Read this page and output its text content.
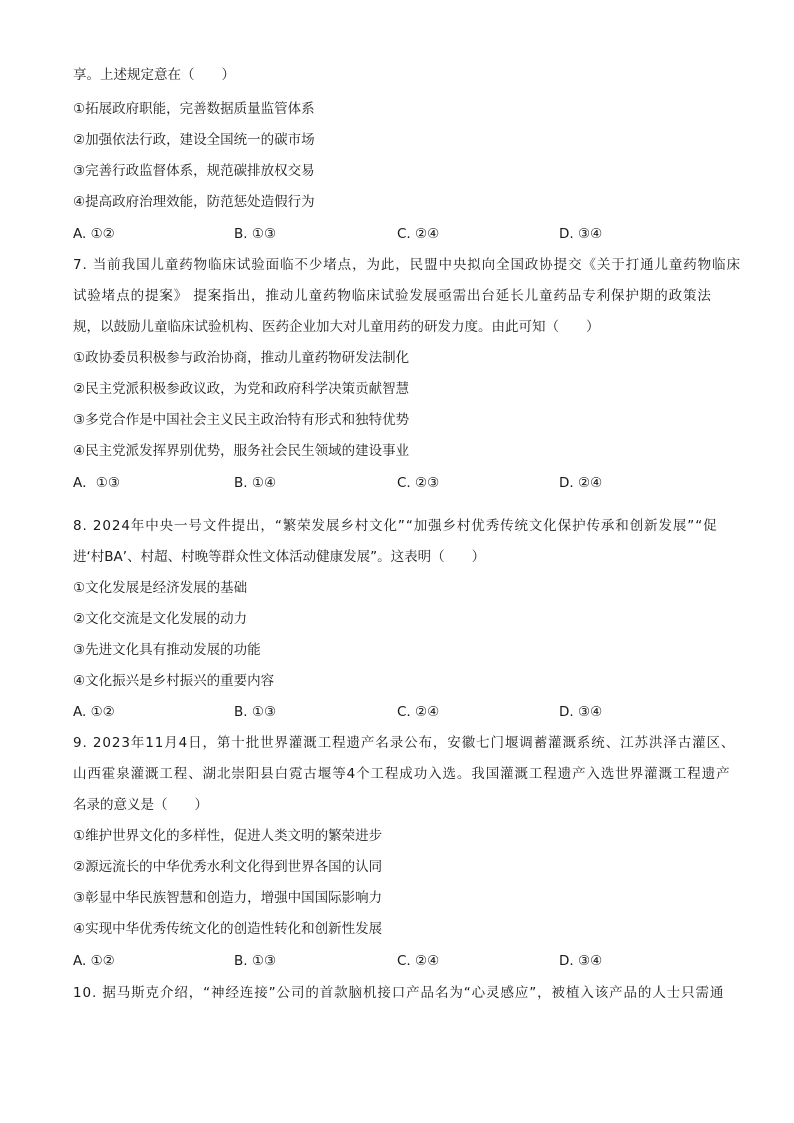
享。上述规定意在（　　）
①拓展政府职能，完善数据质量监管体系
②加强依法行政，建设全国统一的碳市场
③完善行政监督体系，规范碳排放权交易
④提高政府治理效能，防范惩处造假行为
A. ①②	B. ①③	C. ②④	D. ③④
7. 当前我国儿童药物临床试验面临不少堵点，为此，民盟中央拟向全国政协提交《关于打通儿童药物临床
试验堵点的提案》 提案指出，推动儿童药物临床试验发展亟需出台延长儿童药品专利保护期的政策法
规，以鼓励儿童临床试验机构、医药企业加大对儿童用药的研发力度。由此可知（　　）
①政协委员积极参与政治协商，推动儿童药物研发法制化
②民主党派积极参政议政，为党和政府科学决策贡献智慧
③多党合作是中国社会主义民主政治特有形式和独特优势
④民主党派发挥界别优势，服务社会民生领域的建设事业
A．①③	B. ①④	C. ②③	D. ②④
8. 2024年中央一号文件提出，“繁荣发展乡村文化”“加强乡村优秀传统文化保护传承和创新发展”“促
进‘村BA’、村超、村晚等群众性文体活动健康发展”。这表明（　　）
①文化发展是经济发展的基础
②文化交流是文化发展的动力
③先进文化具有推动发展的功能
④文化振兴是乡村振兴的重要内容
A. ①②	B. ①③	C. ②④	D. ③④
9. 2023年11月4日，第十批世界灌溉工程遗产名录公布，安徽七门堰调蓄灌溉系统、江苏洪泽古灌区、
山西霍泉灌溉工程、湖北崇阳县白霓古堰等4个工程成功入选。我国灌溉工程遗产入选世界灌溉工程遗产
名录的意义是（　　）
①维护世界文化的多样性，促进人类文明的繁荣进步
②源远流长的中华优秀水利文化得到世界各国的认同
③彰显中华民族智慧和创造力，增强中国国际影响力
④实现中华优秀传统文化的创造性转化和创新性发展
A. ①②	B. ①③	C. ②④	D. ③④
10. 据马斯克介绍，“神经连接”公司的首款脑机接口产品名为“心灵感应”，被植入该产品的人士只需通
